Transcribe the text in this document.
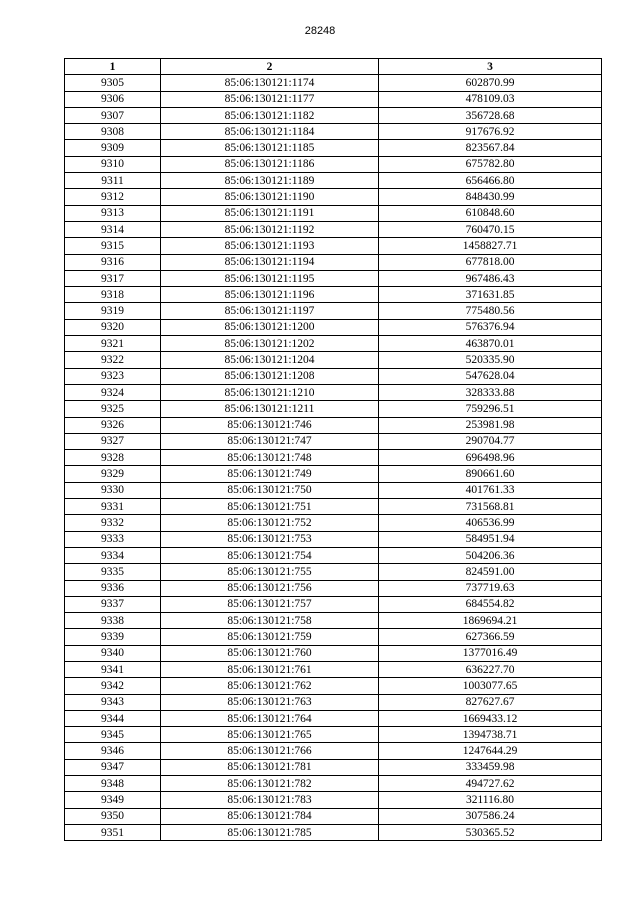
28248
1	2	3
9305	85:06:130121:1174	602870.99
9306	85:06:130121:1177	478109.03
9307	85:06:130121:1182	356728.68
9308	85:06:130121:1184	917676.92
9309	85:06:130121:1185	823567.84
9310	85:06:130121:1186	675782.80
9311	85:06:130121:1189	656466.80
9312	85:06:130121:1190	848430.99
9313	85:06:130121:1191	610848.60
9314	85:06:130121:1192	760470.15
9315	85:06:130121:1193	1458827.71
9316	85:06:130121:1194	677818.00
9317	85:06:130121:1195	967486.43
9318	85:06:130121:1196	371631.85
9319	85:06:130121:1197	775480.56
9320	85:06:130121:1200	576376.94
9321	85:06:130121:1202	463870.01
9322	85:06:130121:1204	520335.90
9323	85:06:130121:1208	547628.04
9324	85:06:130121:1210	328333.88
9325	85:06:130121:1211	759296.51
9326	85:06:130121:746	253981.98
9327	85:06:130121:747	290704.77
9328	85:06:130121:748	696498.96
9329	85:06:130121:749	890661.60
9330	85:06:130121:750	401761.33
9331	85:06:130121:751	731568.81
9332	85:06:130121:752	406536.99
9333	85:06:130121:753	584951.94
9334	85:06:130121:754	504206.36
9335	85:06:130121:755	824591.00
9336	85:06:130121:756	737719.63
9337	85:06:130121:757	684554.82
9338	85:06:130121:758	1869694.21
9339	85:06:130121:759	627366.59
9340	85:06:130121:760	1377016.49
9341	85:06:130121:761	636227.70
9342	85:06:130121:762	1003077.65
9343	85:06:130121:763	827627.67
9344	85:06:130121:764	1669433.12
9345	85:06:130121:765	1394738.71
9346	85:06:130121:766	1247644.29
9347	85:06:130121:781	333459.98
9348	85:06:130121:782	494727.62
9349	85:06:130121:783	321116.80
9350	85:06:130121:784	307586.24
9351	85:06:130121:785	530365.52
